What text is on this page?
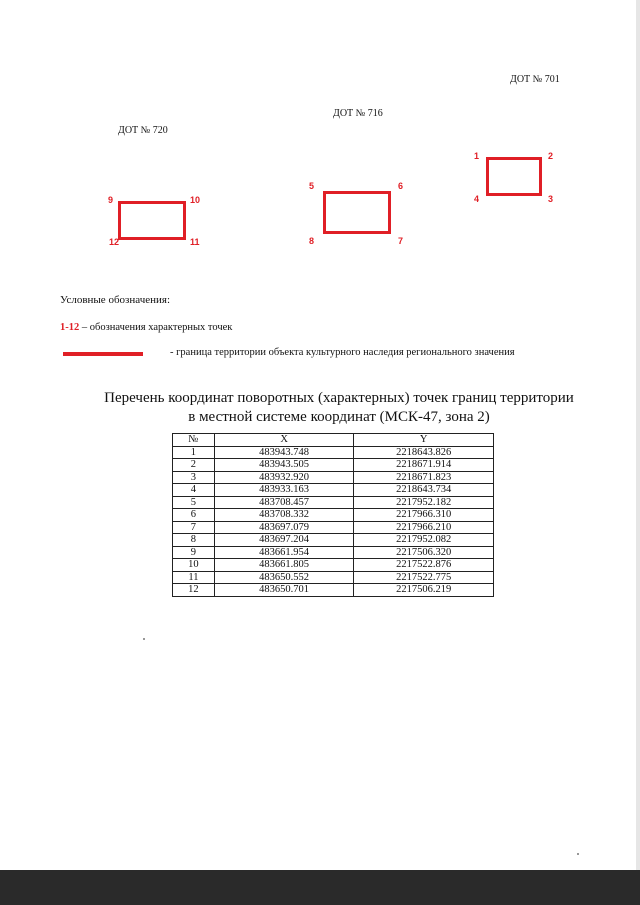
ДОТ № 701
ДОТ № 716
ДОТ № 720
1	2
3
4
5	6
7
8
9	10
11
12
Условные обозначения:
1-12 – обозначения характерных точек
- граница территории объекта культурного наследия регионального значения
Перечень координат поворотных (характерных) точек границ территории
в местной системе координат (МСК-47, зона 2)
№	X	Y
1	483943.748	2218643.826
2	483943.505	2218671.914
3	483932.920	2218671.823
4	483933.163	2218643.734
5	483708.457	2217952.182
6	483708.332	2217966.310
7	483697.079	2217966.210
8	483697.204	2217952.082
9	483661.954	2217506.320
10	483661.805	2217522.876
11	483650.552	2217522.775
12	483650.701	2217506.219
